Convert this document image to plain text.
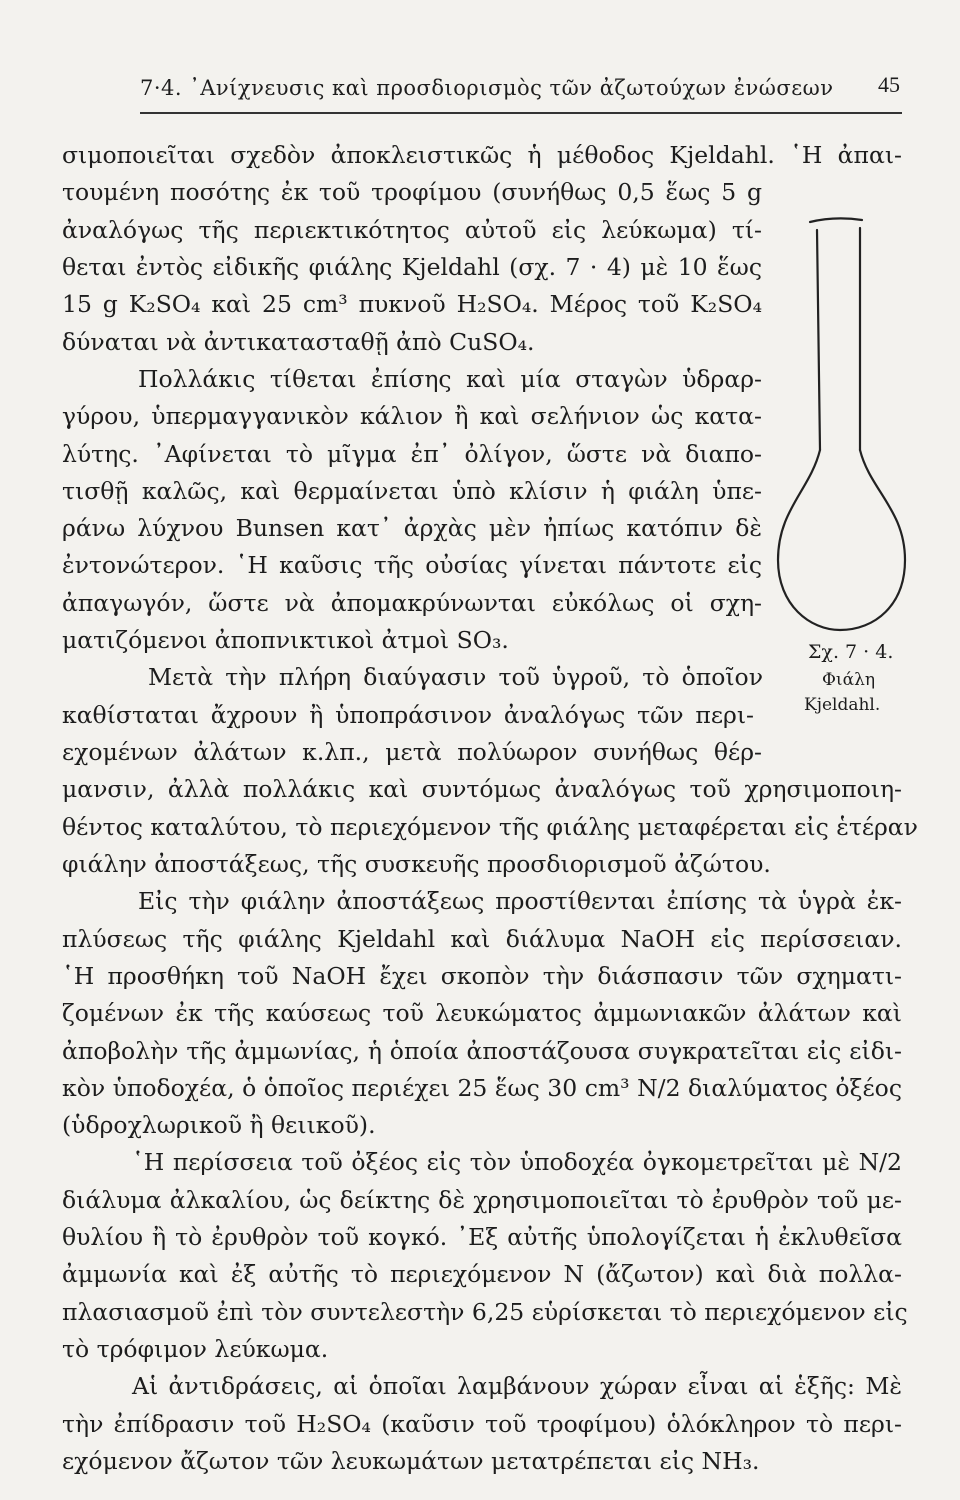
7·4. ᾿Ανίχνευσις καὶ προσδιορισμὸς τῶν ἀζωτούχων ἐνώσεων 45
Σχ. 7 · 4.
Φιάλη
Kjeldahl.
σιμοποιεῖται σχεδὸν ἀποκλειστικῶς ἡ μέθοδος Kjeldahl. ῾Η ἀπαι-
τουμένη ποσότης ἐκ τοῦ τροφίμου (συνήθως 0,5 ἕως 5 g
ἀναλόγως τῆς περιεκτικότητος αὐτοῦ εἰς λεύκωμα) τί-
θεται ἐντὸς εἰδικῆς φιάλης Kjeldahl (σχ. 7 · 4) μὲ 10 ἕως
15 g K₂SO₄ καὶ 25 cm³ πυκνοῦ H₂SO₄. Μέρος τοῦ K₂SO₄
δύναται νὰ ἀντικατασταθῇ ἀπὸ CuSO₄.
Πολλάκις τίθεται ἐπίσης καὶ μία σταγὼν ὑδραρ-
γύρου, ὑπερμαγγανικὸν κάλιον ἢ καὶ σελήνιον ὡς κατα-
λύτης. ᾿Αφίνεται τὸ μῖγμα ἐπ᾿ ὀλίγον, ὥστε νὰ διαπο-
τισθῇ καλῶς, καὶ θερμαίνεται ὑπὸ κλίσιν ἡ φιάλη ὑπε-
ράνω λύχνου Bunsen κατ᾿ ἀρχὰς μὲν ἠπίως κατόπιν δὲ
ἐντονώτερον. ῾Η καῦσις τῆς οὐσίας γίνεται πάντοτε εἰς
ἀπαγωγόν, ὥστε νὰ ἀπομακρύνωνται εὐκόλως οἱ σχη-
ματιζόμενοι ἀποπνικτικοὶ ἀτμοὶ SO₃.
Μετὰ τὴν πλήρη διαύγασιν τοῦ ὑγροῦ, τὸ ὁποῖον
καθίσταται ἄχρουν ἢ ὑποπράσινον ἀναλόγως τῶν περι-
εχομένων ἀλάτων κ.λπ., μετὰ πολύωρον συνήθως θέρ-
μανσιν, ἀλλὰ πολλάκις καὶ συντόμως ἀναλόγως τοῦ χρησιμοποιη-
θέντος καταλύτου, τὸ περιεχόμενον τῆς φιάλης μεταφέρεται εἰς ἑτέραν
φιάλην ἀποστάξεως, τῆς συσκευῆς προσδιορισμοῦ ἀζώτου.
Εἰς τὴν φιάλην ἀποστάξεως προστίθενται ἐπίσης τὰ ὑγρὰ ἐκ-
πλύσεως τῆς φιάλης Kjeldahl καὶ διάλυμα NaOH εἰς περίσσειαν.
῾Η προσθήκη τοῦ NaOH ἔχει σκοπὸν τὴν διάσπασιν τῶν σχηματι-
ζομένων ἐκ τῆς καύσεως τοῦ λευκώματος ἀμμωνιακῶν ἀλάτων καὶ
ἀποβολὴν τῆς ἀμμωνίας, ἡ ὁποία ἀποστάζουσα συγκρατεῖται εἰς εἰδι-
κὸν ὑποδοχέα, ὁ ὁποῖος περιέχει 25 ἕως 30 cm³ N/2 διαλύματος ὀξέος
(ὑδροχλωρικοῦ ἢ θειικοῦ).
῾Η περίσσεια τοῦ ὀξέος εἰς τὸν ὑποδοχέα ὀγκομετρεῖται μὲ N/2
διάλυμα ἀλκαλίου, ὡς δείκτης δὲ χρησιμοποιεῖται τὸ ἐρυθρὸν τοῦ με-
θυλίου ἢ τὸ ἐρυθρὸν τοῦ κογκό. ᾿Εξ αὐτῆς ὑπολογίζεται ἡ ἐκλυθεῖσα
ἀμμωνία καὶ ἐξ αὐτῆς τὸ περιεχόμενον N (ἄζωτον) καὶ διὰ πολλα-
πλασιασμοῦ ἐπὶ τὸν συντελεστὴν 6,25 εὑρίσκεται τὸ περιεχόμενον εἰς
τὸ τρόφιμον λεύκωμα.
Αἱ ἀντιδράσεις, αἱ ὁποῖαι λαμβάνουν χώραν εἶναι αἱ ἑξῆς: Μὲ
τὴν ἐπίδρασιν τοῦ H₂SO₄ (καῦσιν τοῦ τροφίμου) ὁλόκληρον τὸ περι-
εχόμενον ἄζωτον τῶν λευκωμάτων μετατρέπεται εἰς NH₃.
